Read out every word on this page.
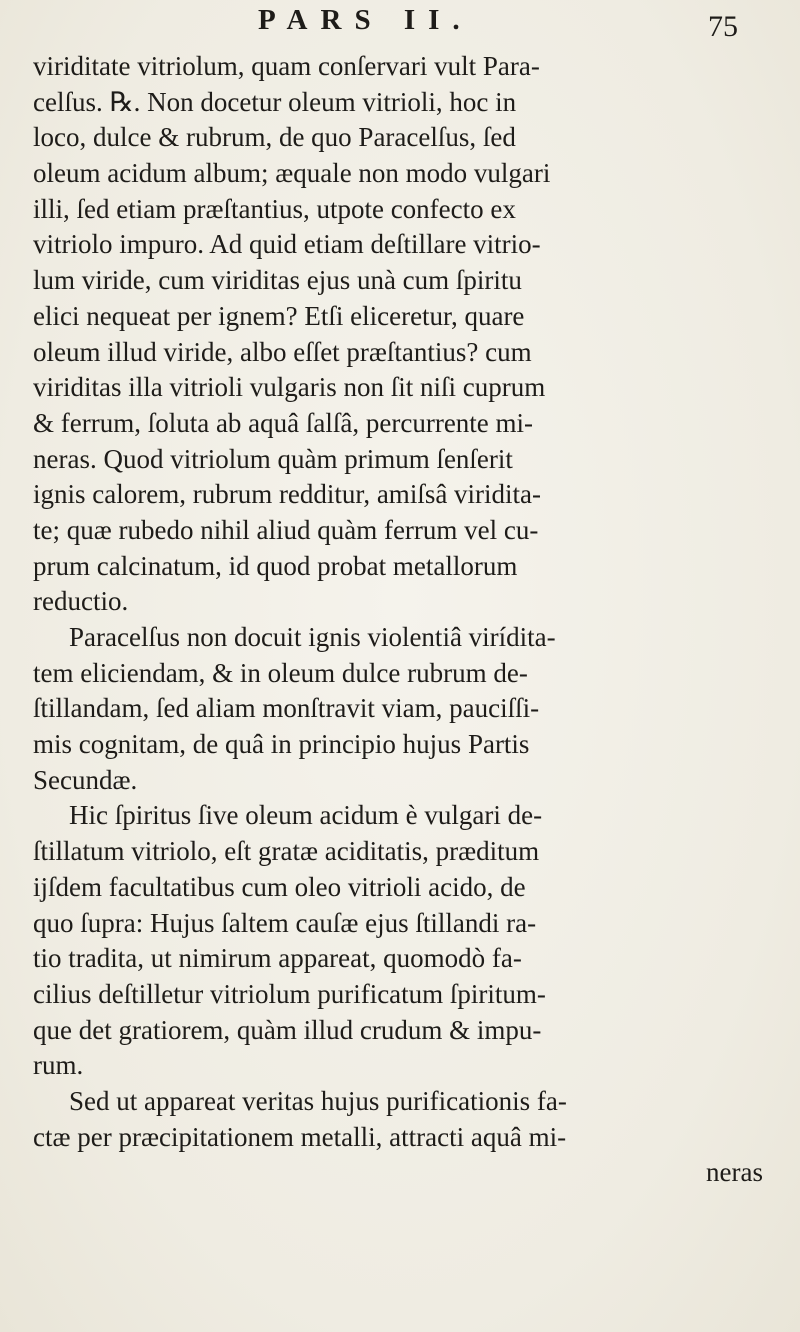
PARS II.	75
viriditate vitriolum, quam conſervari vult Para-
celſus. ℞. Non docetur oleum vitrioli, hoc in
loco, dulce & rubrum, de quo Paracelſus, ſed
oleum acidum album; æquale non modo vulgari
illi, ſed etiam præſtantius, utpote confecto ex
vitriolo impuro. Ad quid etiam deſtillare vitrio-
lum viride, cum viriditas ejus unà cum ſpiritu
elici nequeat per ignem? Etſi eliceretur, quare
oleum illud viride, albo eſſet præſtantius? cum
viriditas illa vitrioli vulgaris non ſit niſi cuprum
& ferrum, ſoluta ab aquâ ſalſâ, percurrente mi-
neras. Quod vitriolum quàm primum ſenſerit
ignis calorem, rubrum redditur, amiſsâ viridita-
te; quæ rubedo nihil aliud quàm ferrum vel cu-
prum calcinatum, id quod probat metallorum
reductio.
Paracelſus non docuit ignis violentiâ virídita-
tem eliciendam, & in oleum dulce rubrum de-
ſtillandam, ſed aliam monſtravit viam, pauciſſi-
mis cognitam, de quâ in principio hujus Partis
Secundæ.
Hic ſpiritus ſive oleum acidum è vulgari de-
ſtillatum vitriolo, eſt gratæ aciditatis, præditum
ijſdem facultatibus cum oleo vitrioli acido, de
quo ſupra: Hujus ſaltem cauſæ ejus ſtillandi ra-
tio tradita, ut nimirum appareat, quomodò fa-
cilius deſtilletur vitriolum purificatum ſpiritum-
que det gratiorem, quàm illud crudum & impu-
rum.
Sed ut appareat veritas hujus purificationis fa-
ctæ per præcipitationem metalli, attracti aquâ mi-
neras
